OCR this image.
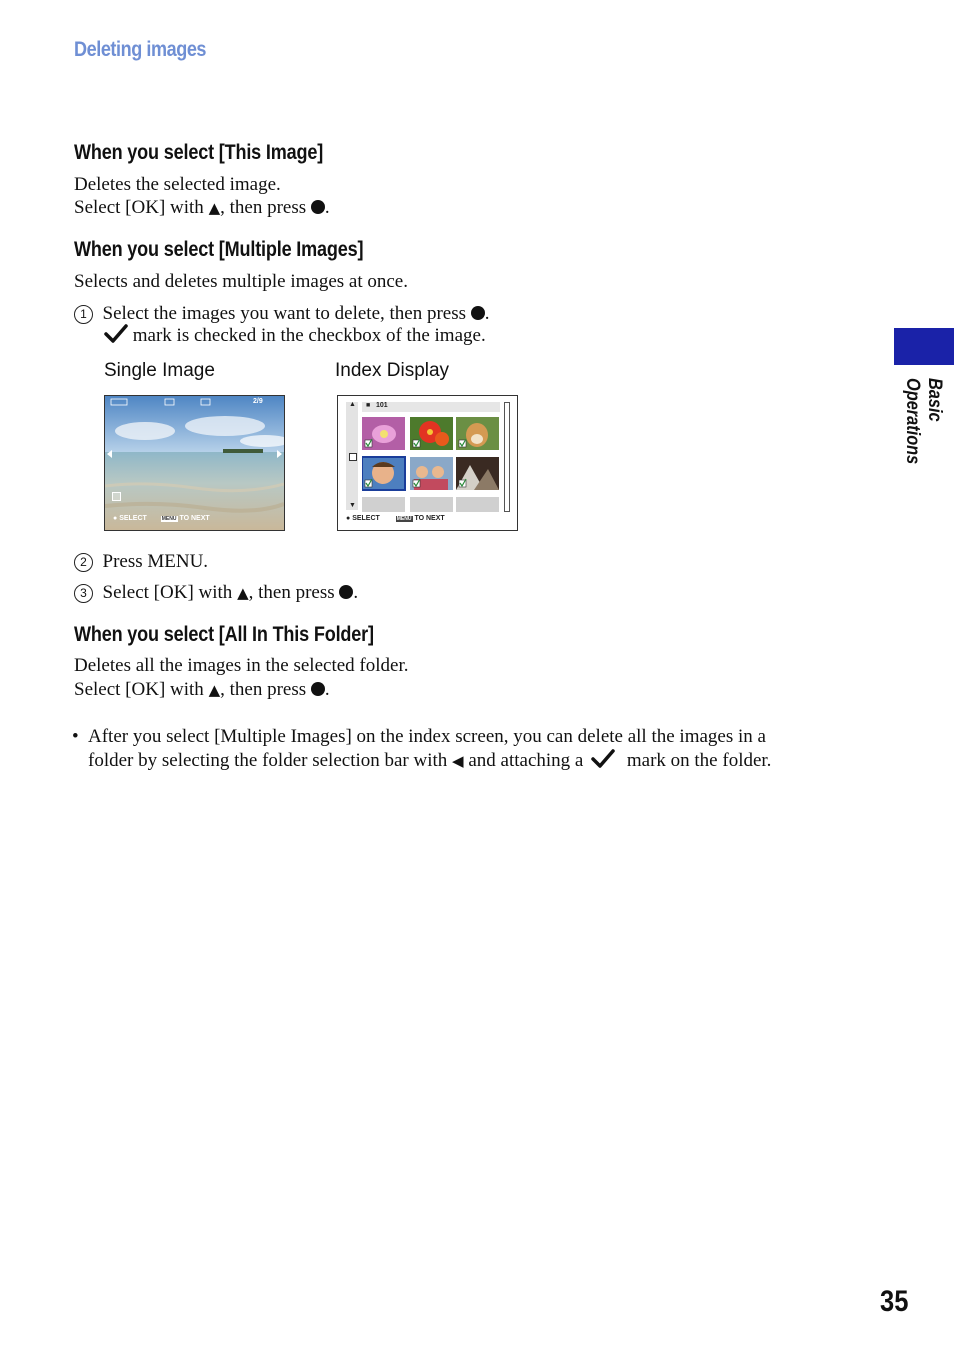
Deleting images
When you select [This Image]
Deletes the selected image.
Select [OK] with ▲, then press .
When you select [Multiple Images]
Selects and deletes multiple images at once.
1 Select the images you want to delete, then press .
mark is checked in the checkbox of the image.
Single Image	Index Display
2/9
● SELECT	MENU TO NEXT
▲
▼
■ 101
● SELECT	MENU TO NEXT
2 Press MENU.
3 Select [OK] with ▲, then press .
When you select [All In This Folder]
Deletes all the images in the selected folder.
Select [OK] with ▲, then press .
• After you select [Multiple Images] on the index screen, you can delete all the images in a
folder by selecting the folder selection bar with ◀ and attaching a  mark on the folder.
Basic Operations
35
